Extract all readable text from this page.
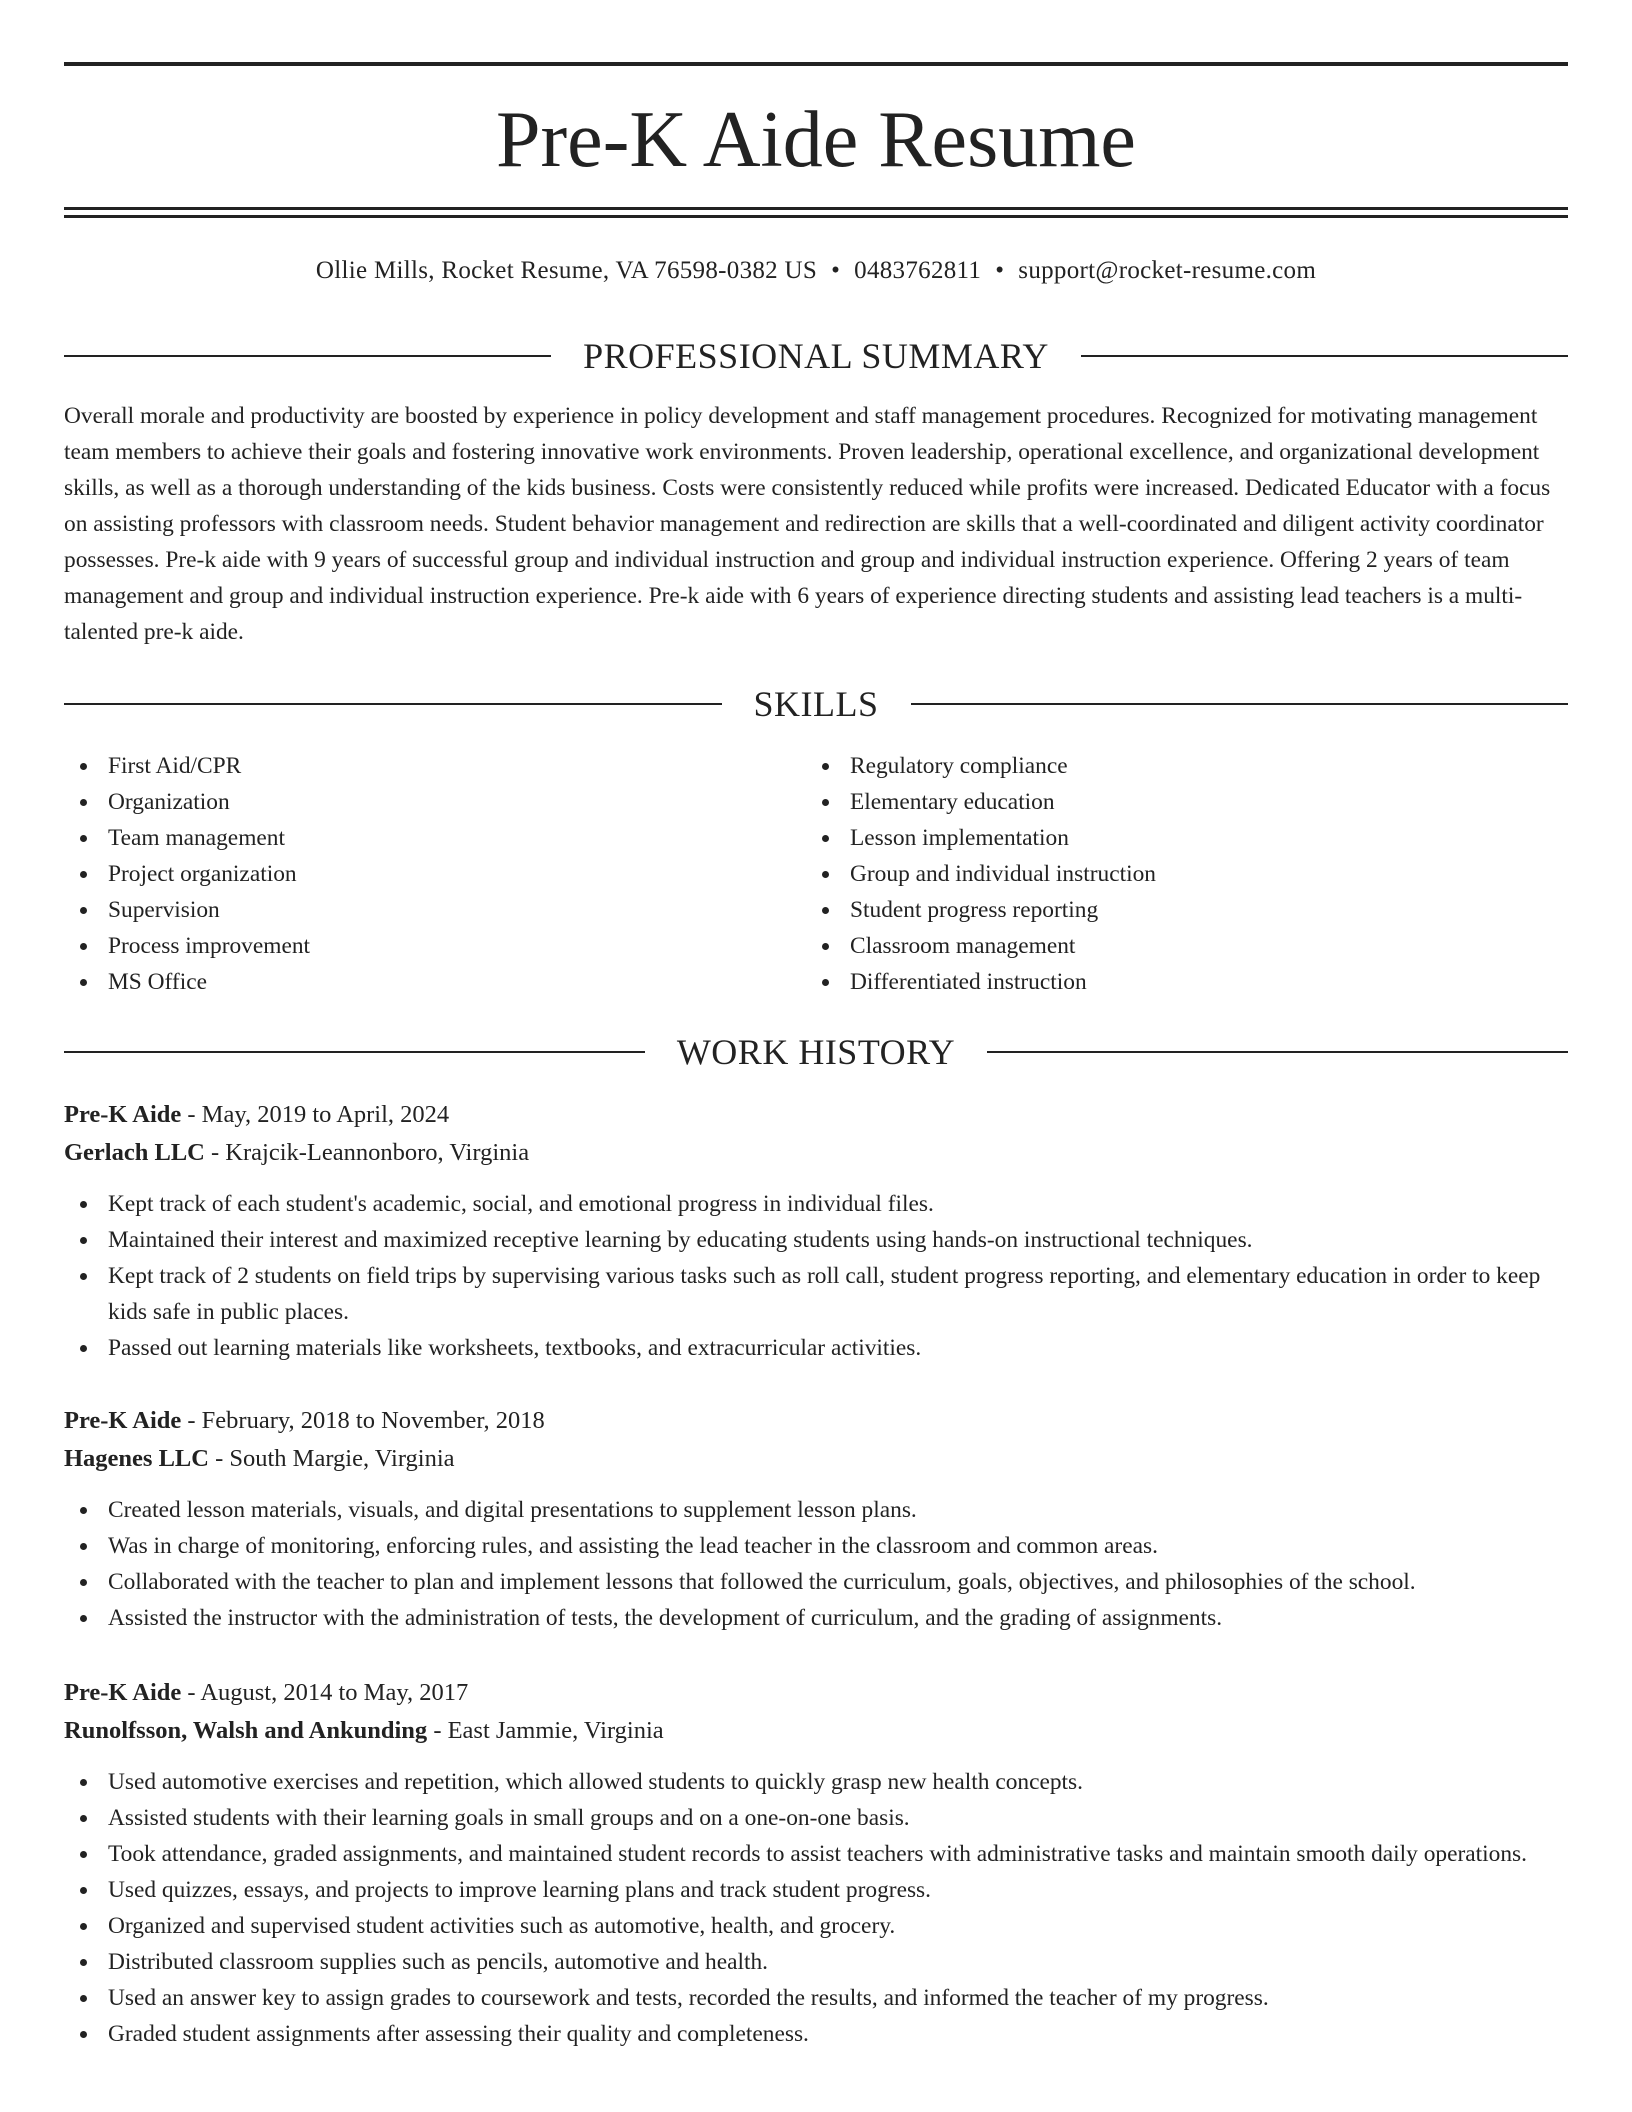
Pre-K Aide Resume
Ollie Mills, Rocket Resume, VA 76598-0382 US • 0483762811 • support@rocket-resume.com
PROFESSIONAL SUMMARY

Overall morale and productivity are boosted by experience in policy development and staff management procedures. Recognized for motivating management team members to achieve their goals and fostering innovative work environments. Proven leadership, operational excellence, and organizational development skills, as well as a thorough understanding of the kids business. Costs were consistently reduced while profits were increased. Dedicated Educator with a focus on assisting professors with classroom needs. Student behavior management and redirection are skills that a well-coordinated and diligent activity coordinator possesses. Pre-k aide with 9 years of successful group and individual instruction and group and individual instruction experience. Offering 2 years of team management and group and individual instruction experience. Pre-k aide with 6 years of experience directing students and assisting lead teachers is a multi-talented pre-k aide.

SKILLS
First Aid/CPR
Organization
Team management
Project organization
Supervision
Process improvement
MS Office
Regulatory compliance
Elementary education
Lesson implementation
Group and individual instruction
Student progress reporting
Classroom management
Differentiated instruction
WORK HISTORY
Pre-K Aide - May, 2019 to April, 2024
Gerlach LLC - Krajcik-Leannonboro, Virginia
Kept track of each student's academic, social, and emotional progress in individual files.
Maintained their interest and maximized receptive learning by educating students using hands-on instructional techniques.
Kept track of 2 students on field trips by supervising various tasks such as roll call, student progress reporting, and elementary education in order to keep kids safe in public places.
Passed out learning materials like worksheets, textbooks, and extracurricular activities.
Pre-K Aide - February, 2018 to November, 2018
Hagenes LLC - South Margie, Virginia
Created lesson materials, visuals, and digital presentations to supplement lesson plans.
Was in charge of monitoring, enforcing rules, and assisting the lead teacher in the classroom and common areas.
Collaborated with the teacher to plan and implement lessons that followed the curriculum, goals, objectives, and philosophies of the school.
Assisted the instructor with the administration of tests, the development of curriculum, and the grading of assignments.
Pre-K Aide - August, 2014 to May, 2017
Runolfsson, Walsh and Ankunding - East Jammie, Virginia
Used automotive exercises and repetition, which allowed students to quickly grasp new health concepts.
Assisted students with their learning goals in small groups and on a one-on-one basis.
Took attendance, graded assignments, and maintained student records to assist teachers with administrative tasks and maintain smooth daily operations.
Used quizzes, essays, and projects to improve learning plans and track student progress.
Organized and supervised student activities such as automotive, health, and grocery.
Distributed classroom supplies such as pencils, automotive and health.
Used an answer key to assign grades to coursework and tests, recorded the results, and informed the teacher of my progress.
Graded student assignments after assessing their quality and completeness.
